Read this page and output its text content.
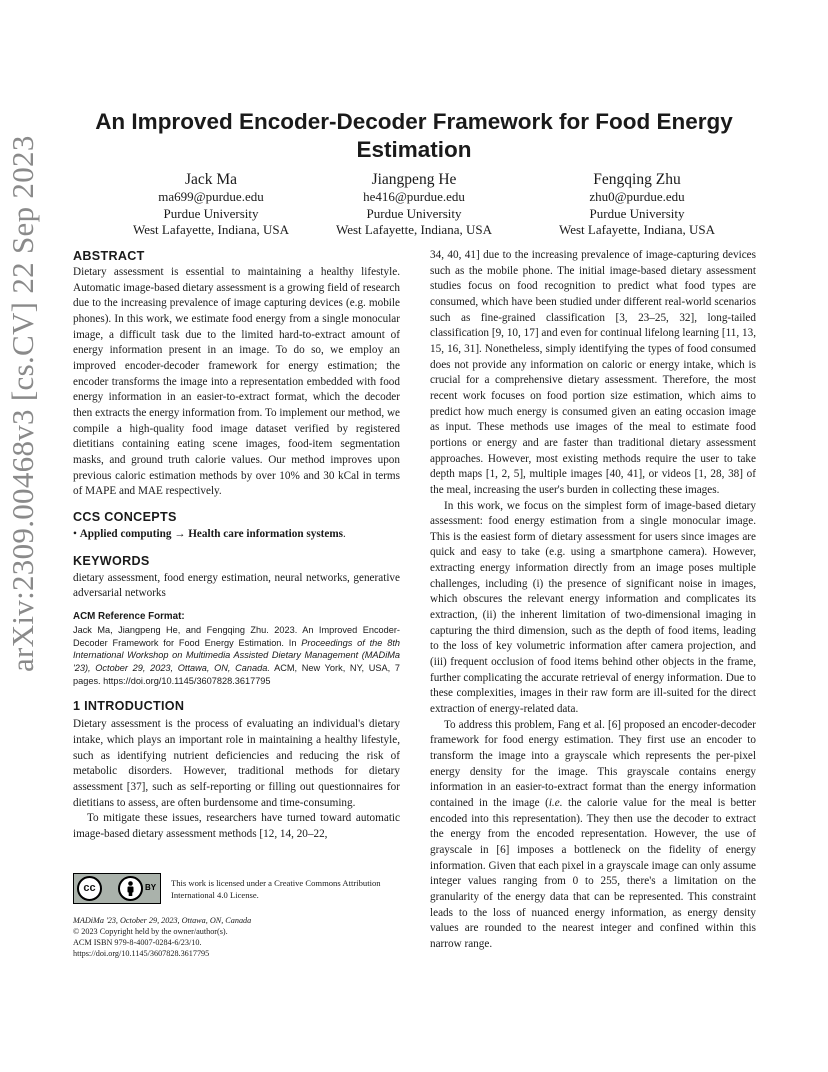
arXiv:2309.00468v3 [cs.CV] 22 Sep 2023
An Improved Encoder-Decoder Framework for Food Energy Estimation
Jack Ma
ma699@purdue.edu
Purdue University
West Lafayette, Indiana, USA
Jiangpeng He
he416@purdue.edu
Purdue University
West Lafayette, Indiana, USA
Fengqing Zhu
zhu0@purdue.edu
Purdue University
West Lafayette, Indiana, USA
ABSTRACT

Dietary assessment is essential to maintaining a healthy lifestyle. Automatic image-based dietary assessment is a growing field of research due to the increasing prevalence of image capturing devices (e.g. mobile phones). In this work, we estimate food energy from a single monocular image, a difficult task due to the limited hard-to-extract amount of energy information present in an image. To do so, we employ an improved encoder-decoder framework for energy estimation; the encoder transforms the image into a representation embedded with food energy information in an easier-to-extract format, which the decoder then extracts the energy information from. To implement our method, we compile a high-quality food image dataset verified by registered dietitians containing eating scene images, food-item segmentation masks, and ground truth calorie values. Our method improves upon previous caloric estimation methods by over 10% and 30 kCal in terms of MAPE and MAE respectively.

CCS CONCEPTS

• Applied computing → Health care information systems.

KEYWORDS

dietary assessment, food energy estimation, neural networks, generative adversarial networks

ACM Reference Format:
Jack Ma, Jiangpeng He, and Fengqing Zhu. 2023. An Improved Encoder-Decoder Framework for Food Energy Estimation. In Proceedings of the 8th International Workshop on Multimedia Assisted Dietary Management (MADiMa '23), October 29, 2023, Ottawa, ON, Canada. ACM, New York, NY, USA, 7 pages. https://doi.org/10.1145/3607828.3617795
1 INTRODUCTION

Dietary assessment is the process of evaluating an individual's dietary intake, which plays an important role in maintaining a healthy lifestyle, such as identifying nutrient deficiencies and reducing the risk of metabolic disorders. However, traditional methods for dietary assessment [37], such as self-reporting or filling out questionnaires for dietitians to assess, are often burdensome and time-consuming.

To mitigate these issues, researchers have turned toward automatic image-based dietary assessment methods [12, 14, 20–22,

cc	BY This work is licensed under a Creative Commons Attribution International 4.0 License.
MADiMa '23, October 29, 2023, Ottawa, ON, Canada
© 2023 Copyright held by the owner/author(s).
ACM ISBN 979-8-4007-0284-6/23/10.
https://doi.org/10.1145/3607828.3617795

34, 40, 41] due to the increasing prevalence of image-capturing devices such as the mobile phone. The initial image-based dietary assessment studies focus on food recognition to predict what food types are consumed, which have been studied under different real-world scenarios such as fine-grained classification [3, 23–25, 32], long-tailed classification [9, 10, 17] and even for continual lifelong learning [11, 13, 15, 16, 31]. Nonetheless, simply identifying the types of food consumed does not provide any information on caloric or energy intake, which is crucial for a comprehensive dietary assessment. Therefore, the most recent work focuses on food portion size estimation, which aims to predict how much energy is consumed given an eating occasion image as input. These methods use images of the meal to estimate food portions or energy and are faster than traditional dietary assessment approaches. However, most existing methods require the user to take depth maps [1, 2, 5], multiple images [40, 41], or videos [1, 28, 38] of the meal, increasing the user's burden in collecting these images.

In this work, we focus on the simplest form of image-based dietary assessment: food energy estimation from a single monocular image. This is the easiest form of dietary assessment for users since images are quick and easy to take (e.g. using a smartphone camera). However, extracting energy information directly from an image poses multiple challenges, including (i) the presence of significant noise in images, which obscures the relevant energy information and complicates its extraction, (ii) the inherent limitation of two-dimensional imaging in capturing the third dimension, such as the depth of food items, leading to the loss of key volumetric information after camera projection, and (iii) frequent occlusion of food items behind other objects in the frame, further complicating the accurate retrieval of energy information. Due to these complexities, images in their raw form are ill-suited for the direct extraction of energy-related data.

To address this problem, Fang et al. [6] proposed an encoder-decoder framework for food energy estimation. They first use an encoder to transform the image into a grayscale which represents the per-pixel energy density for the image. This grayscale contains energy information in an easier-to-extract format than the energy information contained in the image (i.e. the calorie value for the meal is better encoded into this representation). They then use the decoder to extract the energy from the encoded representation. However, the use of grayscale in [6] imposes a bottleneck on the fidelity of energy information. Given that each pixel in a grayscale image can only assume integer values ranging from 0 to 255, there's a limitation on the granularity of the energy data that can be represented. This constraint leads to the loss of nuanced energy information, as energy density values are rounded to the nearest integer and confined within this narrow range.
